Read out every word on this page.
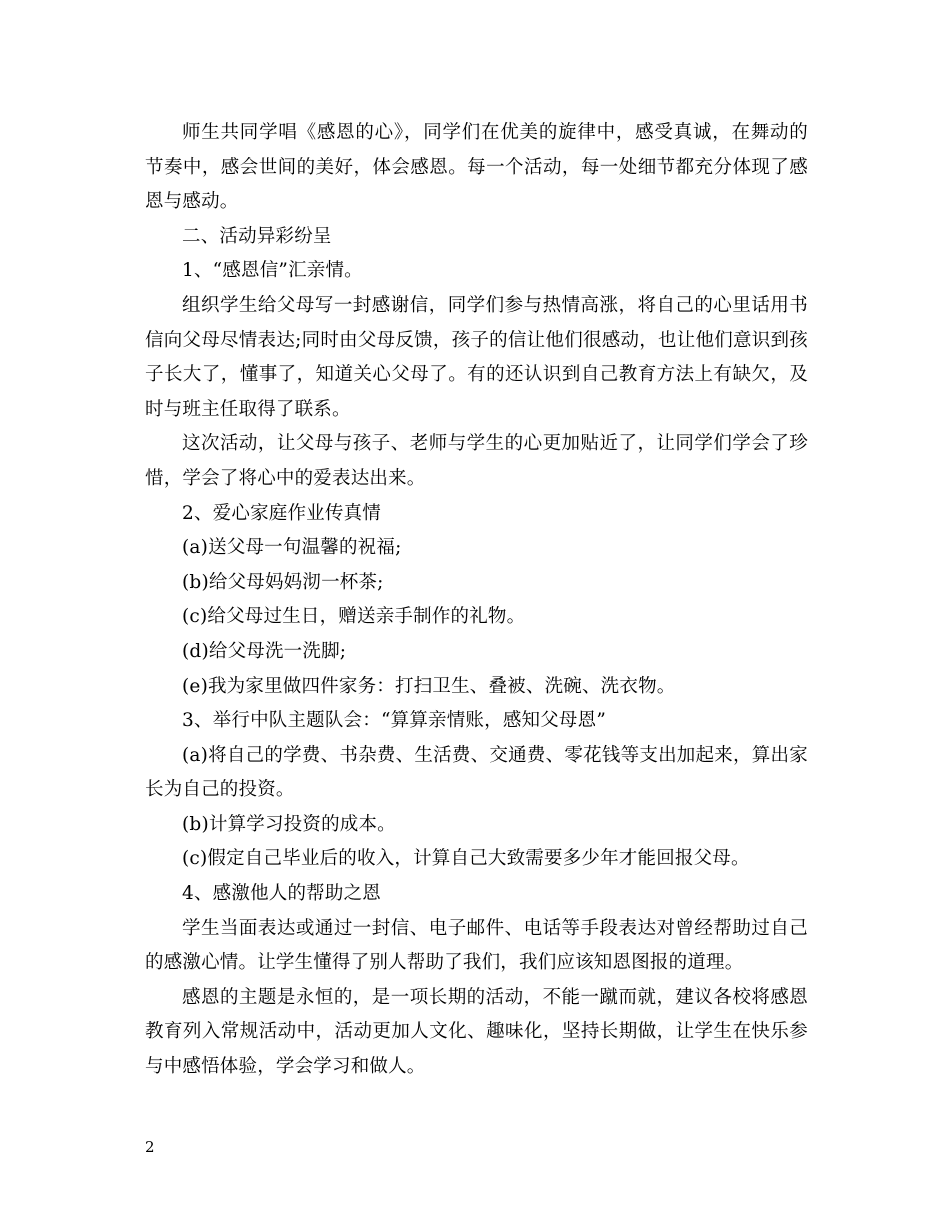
师生共同学唱《感恩的心》，同学们在优美的旋律中，感受真诚，在舞动的节奏中，感会世间的美好，体会感恩。每一个活动，每一处细节都充分体现了感恩与感动。

二、活动异彩纷呈

1、“感恩信”汇亲情。

组织学生给父母写一封感谢信，同学们参与热情高涨，将自己的心里话用书信向父母尽情表达;同时由父母反馈，孩子的信让他们很感动，也让他们意识到孩子长大了，懂事了，知道关心父母了。有的还认识到自己教育方法上有缺欠，及时与班主任取得了联系。

这次活动，让父母与孩子、老师与学生的心更加贴近了，让同学们学会了珍惜，学会了将心中的爱表达出来。

2、爱心家庭作业传真情

(a)送父母一句温馨的祝福;

(b)给父母妈妈沏一杯茶;

(c)给父母过生日，赠送亲手制作的礼物。

(d)给父母洗一洗脚;

(e)我为家里做四件家务：打扫卫生、叠被、洗碗、洗衣物。

3、举行中队主题队会：“算算亲情账，感知父母恩”

(a)将自己的学费、书杂费、生活费、交通费、零花钱等支出加起来，算出家长为自己的投资。

(b)计算学习投资的成本。

(c)假定自己毕业后的收入，计算自己大致需要多少年才能回报父母。

4、感激他人的帮助之恩

学生当面表达或通过一封信、电子邮件、电话等手段表达对曾经帮助过自己的感激心情。让学生懂得了别人帮助了我们，我们应该知恩图报的道理。

感恩的主题是永恒的，是一项长期的活动，不能一蹴而就，建议各校将感恩教育列入常规活动中，活动更加人文化、趣味化，坚持长期做，让学生在快乐参与中感悟体验，学会学习和做人。

2
